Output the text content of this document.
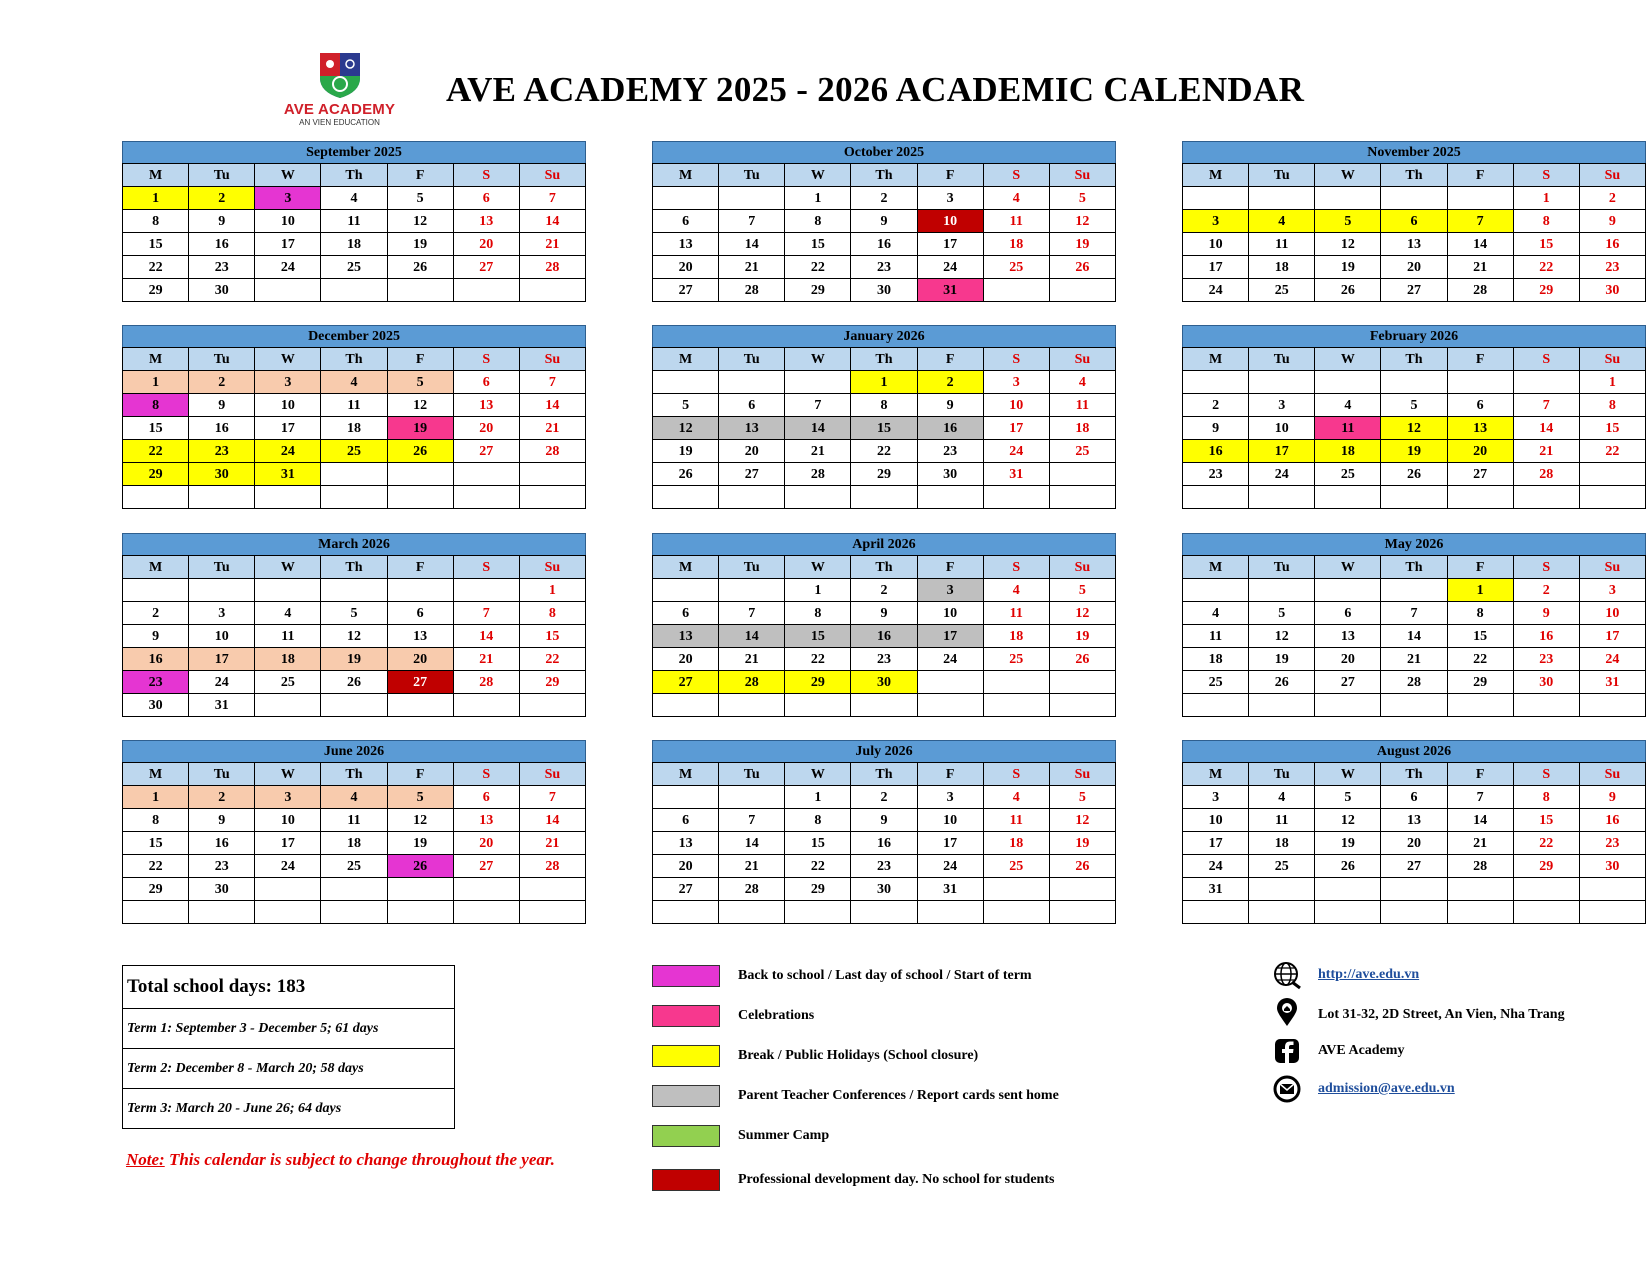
AVE ACADEMY
AN VIEN EDUCATION
AVE ACADEMY 2025 - 2026 ACADEMIC CALENDAR
September 2025
M	Tu	W	Th	F	S	Su
1	2	3	4	5	6	7
8	9	10	11	12	13	14
15	16	17	18	19	20	21
22	23	24	25	26	27	28
29	30					
October 2025
M	Tu	W	Th	F	S	Su
		1	2	3	4	5
6	7	8	9	10	11	12
13	14	15	16	17	18	19
20	21	22	23	24	25	26
27	28	29	30	31		
November 2025
M	Tu	W	Th	F	S	Su
					1	2
3	4	5	6	7	8	9
10	11	12	13	14	15	16
17	18	19	20	21	22	23
24	25	26	27	28	29	30
December 2025
M	Tu	W	Th	F	S	Su
1	2	3	4	5	6	7
8	9	10	11	12	13	14
15	16	17	18	19	20	21
22	23	24	25	26	27	28
29	30	31				

January 2026
M	Tu	W	Th	F	S	Su
			1	2	3	4
5	6	7	8	9	10	11
12	13	14	15	16	17	18
19	20	21	22	23	24	25
26	27	28	29	30	31	

February 2026
M	Tu	W	Th	F	S	Su
						1
2	3	4	5	6	7	8
9	10	11	12	13	14	15
16	17	18	19	20	21	22
23	24	25	26	27	28	

March 2026
M	Tu	W	Th	F	S	Su
						1
2	3	4	5	6	7	8
9	10	11	12	13	14	15
16	17	18	19	20	21	22
23	24	25	26	27	28	29
30	31					
April 2026
M	Tu	W	Th	F	S	Su
		1	2	3	4	5
6	7	8	9	10	11	12
13	14	15	16	17	18	19
20	21	22	23	24	25	26
27	28	29	30			

May 2026
M	Tu	W	Th	F	S	Su
				1	2	3
4	5	6	7	8	9	10
11	12	13	14	15	16	17
18	19	20	21	22	23	24
25	26	27	28	29	30	31

June 2026
M	Tu	W	Th	F	S	Su
1	2	3	4	5	6	7
8	9	10	11	12	13	14
15	16	17	18	19	20	21
22	23	24	25	26	27	28
29	30					

July 2026
M	Tu	W	Th	F	S	Su
		1	2	3	4	5
6	7	8	9	10	11	12
13	14	15	16	17	18	19
20	21	22	23	24	25	26
27	28	29	30	31		

August 2026
M	Tu	W	Th	F	S	Su
3	4	5	6	7	8	9
10	11	12	13	14	15	16
17	18	19	20	21	22	23
24	25	26	27	28	29	30
31						

Total school days: 183
Term 1: September 3 - December 5; 61 days
Term 2: December 8 - March 20; 58 days
Term 3: March 20 - June 26; 64 days
Note: This calendar is subject to change throughout the year.
Back to school / Last day of school / Start of term
Celebrations
Break / Public Holidays (School closure)
Parent Teacher Conferences / Report cards sent home
Summer Camp
Professional development day. No school for students
http://ave.edu.vn
Lot 31-32, 2D Street, An Vien, Nha Trang
AVE Academy
admission@ave.edu.vn
